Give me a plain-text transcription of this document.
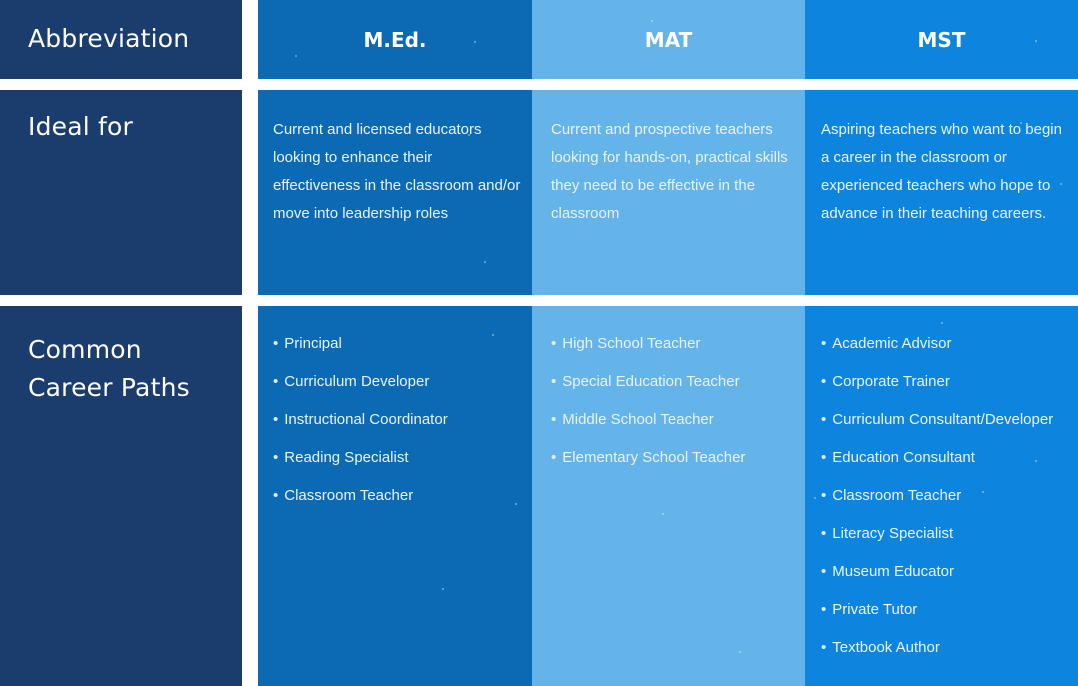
Abbreviation
Ideal for
Common Career Paths
M.Ed.
Current and licensed educators looking to enhance their effectiveness in the classroom and/or move into leadership roles
• Principal
• Curriculum Developer
• Instructional Coordinator
• Reading Specialist
• Classroom Teacher
MAT
Current and prospective teachers looking for hands-on, practical skills they need to be effective in the classroom
• High School Teacher
• Special Education Teacher
• Middle School Teacher
• Elementary School Teacher
MST
Aspiring teachers who want to begin a career in the classroom or experienced teachers who hope to advance in their teaching careers.
• Academic Advisor
• Corporate Trainer
• Curriculum Consultant/Developer
• Education Consultant
• Classroom Teacher
• Literacy Specialist
• Museum Educator
• Private Tutor
• Textbook Author
